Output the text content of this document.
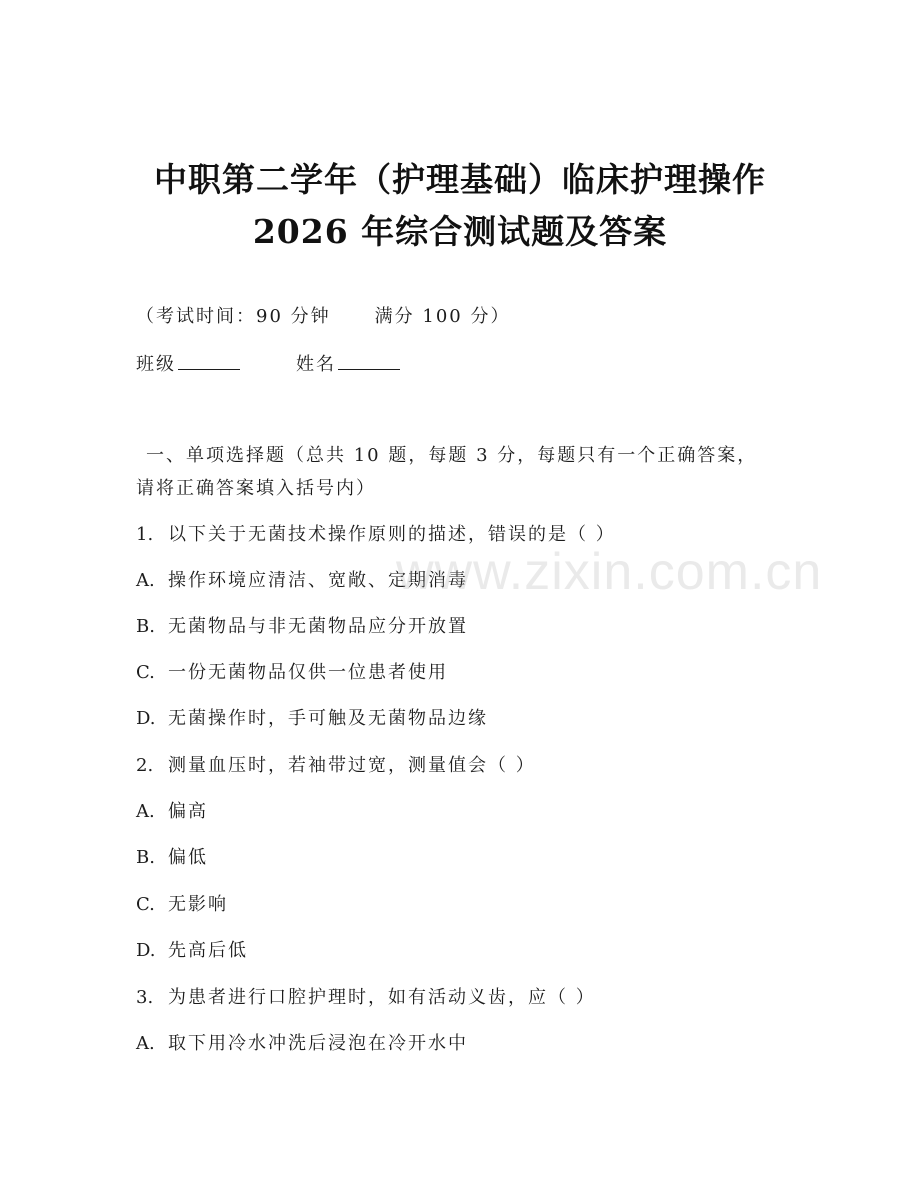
中职第二学年（护理基础）临床护理操作
2026 年综合测试题及答案
（考试时间：90 分钟 满分 100 分）
班级	姓名
一、单项选择题（总共 10 题，每题 3 分，每题只有一个正确答案，
请将正确答案填入括号内）
1. 以下关于无菌技术操作原则的描述，错误的是（ ）
A. 操作环境应清洁、宽敞、定期消毒
B. 无菌物品与非无菌物品应分开放置
C. 一份无菌物品仅供一位患者使用
D. 无菌操作时，手可触及无菌物品边缘
2. 测量血压时，若袖带过宽，测量值会（ ）
A. 偏高
B. 偏低
C. 无影响
D. 先高后低
3. 为患者进行口腔护理时，如有活动义齿，应（ ）
A. 取下用冷水冲洗后浸泡在冷开水中
www.zixin.com.cn
